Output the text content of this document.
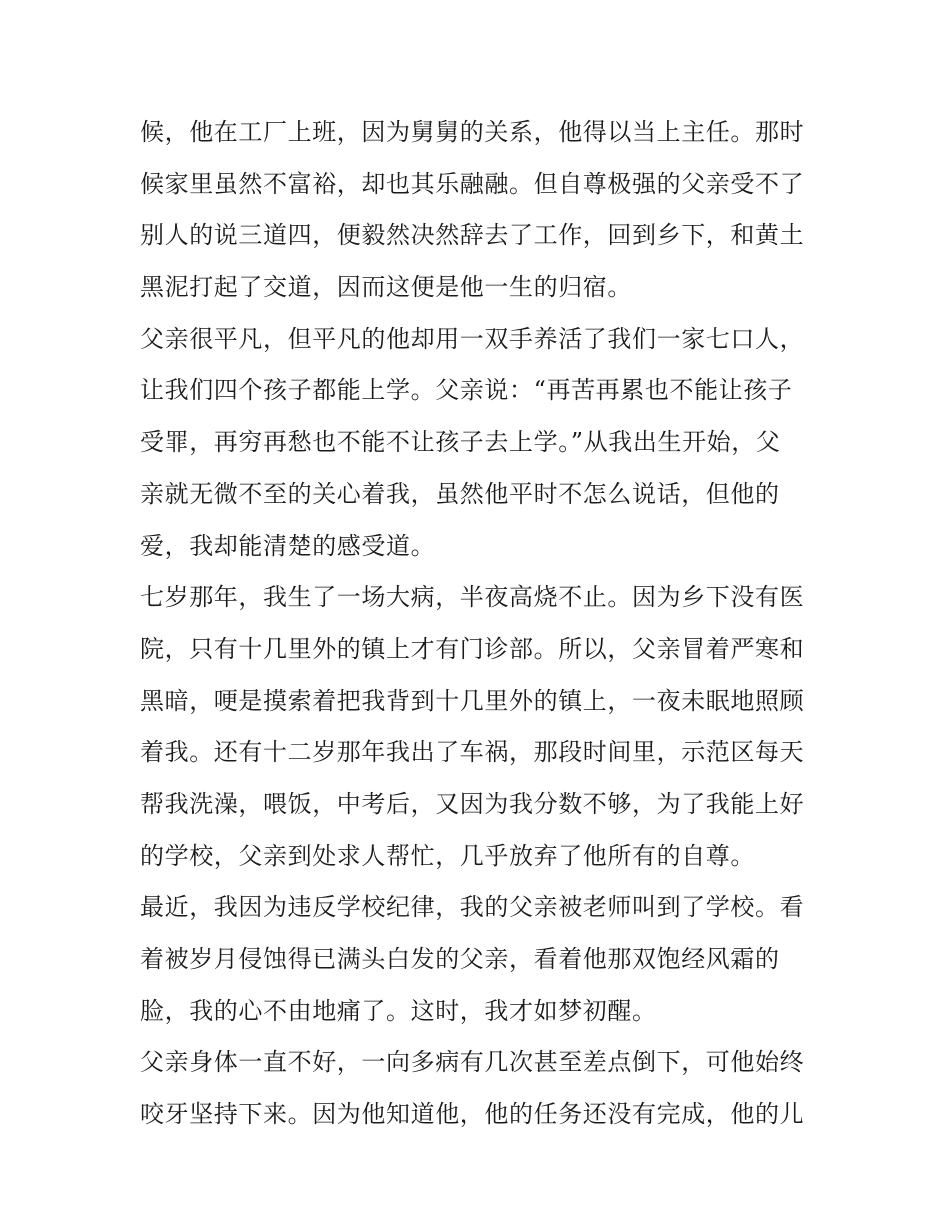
候，他在工厂上班，因为舅舅的关系，他得以当上主任。那时
候家里虽然不富裕，却也其乐融融。但自尊极强的父亲受不了
别人的说三道四，便毅然决然辞去了工作，回到乡下，和黄土
黑泥打起了交道，因而这便是他一生的归宿。
父亲很平凡，但平凡的他却用一双手养活了我们一家七口人，
让我们四个孩子都能上学。父亲说：“再苦再累也不能让孩子
受罪，再穷再愁也不能不让孩子去上学。”从我出生开始，父
亲就无微不至的关心着我，虽然他平时不怎么说话，但他的
爱，我却能清楚的感受道。
七岁那年，我生了一场大病，半夜高烧不止。因为乡下没有医
院，只有十几里外的镇上才有门诊部。所以，父亲冒着严寒和
黑暗，哽是摸索着把我背到十几里外的镇上，一夜未眠地照顾
着我。还有十二岁那年我出了车祸，那段时间里，示范区每天
帮我洗澡，喂饭，中考后，又因为我分数不够，为了我能上好
的学校，父亲到处求人帮忙，几乎放弃了他所有的自尊。
最近，我因为违反学校纪律，我的父亲被老师叫到了学校。看
着被岁月侵蚀得已满头白发的父亲，看着他那双饱经风霜的
脸，我的心不由地痛了。这时，我才如梦初醒。
父亲身体一直不好，一向多病有几次甚至差点倒下，可他始终
咬牙坚持下来。因为他知道他，他的任务还没有完成，他的儿
